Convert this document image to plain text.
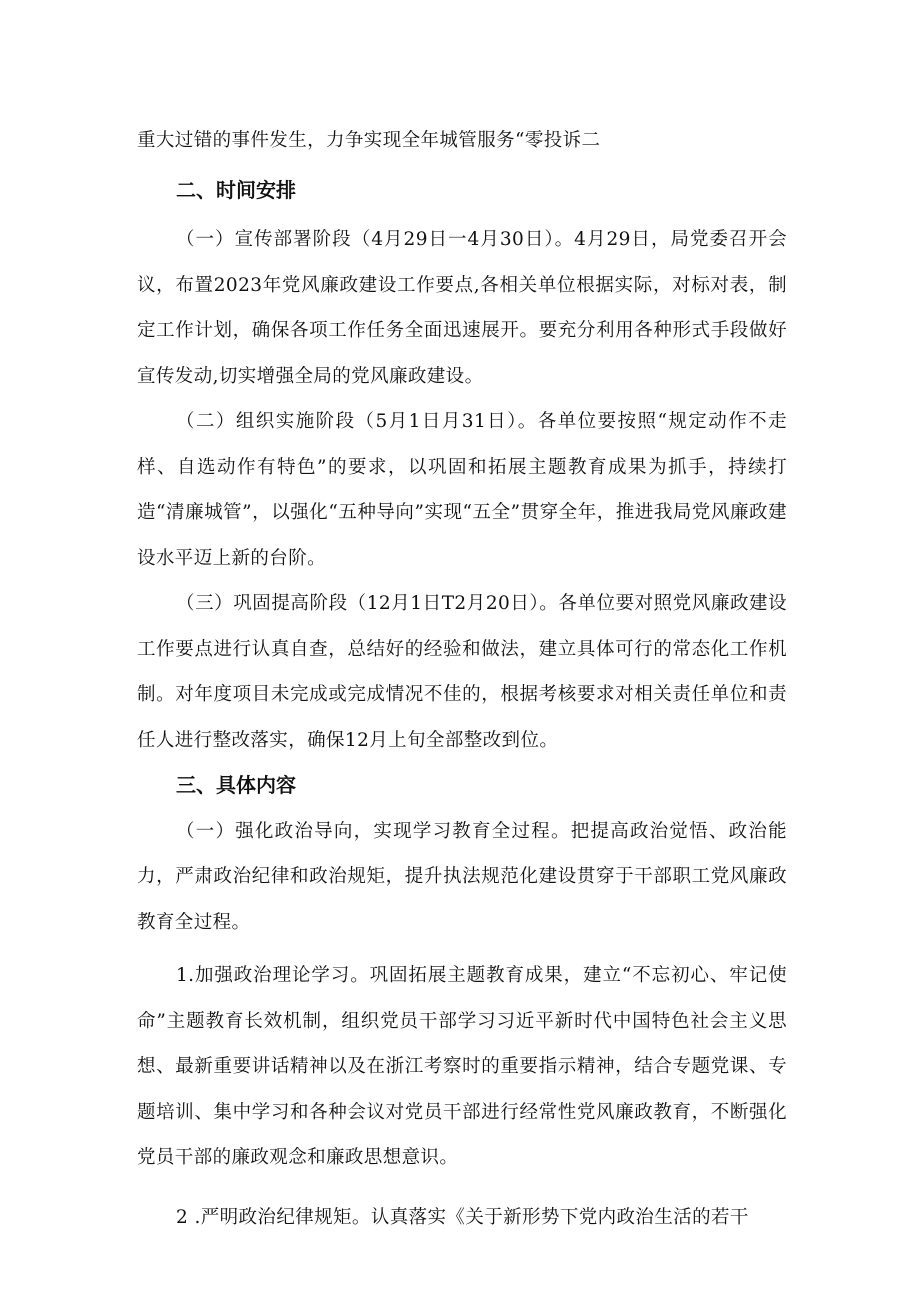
重大过错的事件发生，力争实现全年城管服务“零投诉二

二、时间安排

（一）宣传部署阶段（4月29日一4月30日）。4月29日，局党委召开会议，布置2023年党风廉政建设工作要点,各相关单位根据实际，对标对表，制定工作计划，确保各项工作任务全面迅速展开。要充分利用各种形式手段做好宣传发动,切实增强全局的党风廉政建设。

（二）组织实施阶段（5月1日月31日）。各单位要按照“规定动作不走样、自选动作有特色”的要求，以巩固和拓展主题教育成果为抓手，持续打造“清廉城管”，以强化“五种导向”实现“五全”贯穿全年，推进我局党风廉政建设水平迈上新的台阶。

（三）巩固提高阶段（12月1日T2月20日）。各单位要对照党风廉政建设工作要点进行认真自查，总结好的经验和做法，建立具体可行的常态化工作机制。对年度项目未完成或完成情况不佳的，根据考核要求对相关责任单位和责任人进行整改落实，确保12月上旬全部整改到位。

三、具体内容

（一）强化政治导向，实现学习教育全过程。把提高政治觉悟、政治能力，严肃政治纪律和政治规矩，提升执法规范化建设贯穿于干部职工党风廉政教育全过程。

1.加强政治理论学习。巩固拓展主题教育成果，建立“不忘初心、牢记使命”主题教育长效机制，组织党员干部学习习近平新时代中国特色社会主义思想、最新重要讲话精神以及在浙江考察时的重要指示精神，结合专题党课、专题培训、集中学习和各种会议对党员干部进行经常性党风廉政教育，不断强化党员干部的廉政观念和廉政思想意识。

2 .严明政治纪律规矩。认真落实《关于新形势下党内政治生活的若干
